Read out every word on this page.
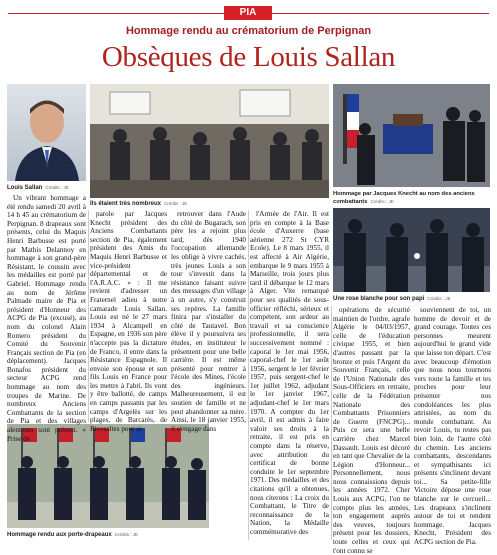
PIA
Hommage rendu au crématorium de Perpignan
Obsèques de Louis Sallan
Louis Sallan Crédits : JE
Ils étaient très nombreux Crédits : JE
Hommage par Jacques Knecht au nom des anciens combattants Crédits : JE
Une rose blanche pour son papi Crédits : JE
Hommage rendu aux porte-drapeaux Crédits : JE

Un vibrant hommage a été rendu samedi 20 avril à 14 h 45 au crématorium de Perpignan. 8 drapeaux sont présents, celui du Maquis Henri Barbusse est porté par Mathis Delannoy en hommage à son grand-père Résistant, le coussin avec les médailles est porté par Gabriel. Hommage rendu au nom de Jérôme Palmade maire de Pia et président d'Honneur des ACPG de Pia (excusé), au nom du colonel Alain Romero président du Comité du Souvenir Français section de Pia (en déplacement). Jacques Bonafos président du secteur ACPG rend hommage au nom des troupes de Marine. De nombreux Anciens Combattants de la section de Pia et des villages alentours sont présent. « Prise de

parole par Jacques Knecht président des Anciens Combattants section de Pia, également président des Amis du Maquis Henri Barbusse et vice-président départemental et de l'A.R.A.C. » : Il me revient d'adresser un Fraternel adieu à notre camarade Louis Sallan. Louis est né le 27 mars 1934 à Alcampell en Espagne, en 1936 son père n'accepte pas la dictature de Franco, il entre dans la Résistance Espagnole. Il envoie son épouse et son fils Louis en France pour les mettre à l'abri. Ils vont y être ballotté, de camps en camps passants par les camps d'Argelès sur les plages, de Barcarès, de Rivesaltes pour se

retrouver dans l'Aude du côté de Bugarach, son père les a rejoint plus tard, dès 1940 l'occupation allemande les oblige à vivre cachés, très jeunes Louis a son tour s'investit dans la résistance faisant suivre des messages d'un village à un autre, s'y construit ses repères. La famille finira par s'installer du côté de Tautavel. Bon élève il y poursuivra ses études, en instituteur le présentent pour une belle carrière. Il est même présenté pour rentrer à l'école des Mines, l'école des ingénieurs. Malheureusement, il est soutien de famille et ne peut abandonner sa mère. Ainsi, le 18 janvier 1955, il s'engage dans

l'Armée de l'Air. Il est pris en compte à la Base école d'Auxerre (base aérienne 272 St CYR Ecole). Le 8 mars 1955, il est affecté à Air Algérie, embarque le 9 mars 1955 à Marseille, trois jours plus tard il débarque le 12 mars à Alger. Vite remarqué pour ses qualités de sous-officier réfléchi, sérieux et compétent, son ardeur au travail et sa conscience professionnelle, il sera successivement nommé : caporal le 1er mai 1956, caporal-chef le 1er août 1956, sergent le 1er février 1957, puis sergent-chef le 1er juillet 1962, adjudant le 1er janvier 1967, adjudant-chef le 1er mars 1970. A compter du 1er avril, il est admis à faire valoir ses droits à la retraite, il est pris en compte dans la réserve, avec attribution du certificat de bonne conduite le 1er septembre 1971. Des médailles et des citations qu'il a obtenues, nous citerons : La croix du Combattant, le Titre de reconnaissance de la Nation, la Médaille commémorative des

opérations de sécurité maintien de l'ordre, agrafe Algérie le 04/03/1957, celle de l'éducation civique 1955, et bien d'autres passant par la bronze et puis l'Argent du Souvenir Français, celle de l'Union Nationale des Sous-Officiers en retraite, celle de la Fédération Nationale des Combattants Prisonniers de Guerre (FNCPG)... Puis ce sera une belle carrière chez Marcel Dassault. Louis est décoré en tant que Chevalier de la Légion d'Honneur... Personnellement, nous nous connaissions depuis les années 1972. Cher Louis aux ACPG, l'on ne compte plus les années, ton engagement auprès des veuves, toujours présent pour les dossiers, toute celles et ceux qui t'ont connu se

souviennent de toi, un homme de devoir et de grand courage. Toutes ces personnes meurent aujourd'hui le grand vide que laisse ton départ. C'est avec beaucoup d'émotion que nous nous tournons vers toute la famille et tes proches pour leur présenter nos condoléances les plus attristées, au nom du monde combattant. Au revoir Louis, tu restes pas bien loin, de l'autre côté du chemin. Les anciens combattants, descendants et sympathisants ici présents s'inclinent devant toi... Sa petite-fille Victoire dépose une rose blanche sur le cercueil... Les drapeaux s'inclinent autour de toi et rendent hommage. Jacques Knecht, Président des ACPG section de Pia.
